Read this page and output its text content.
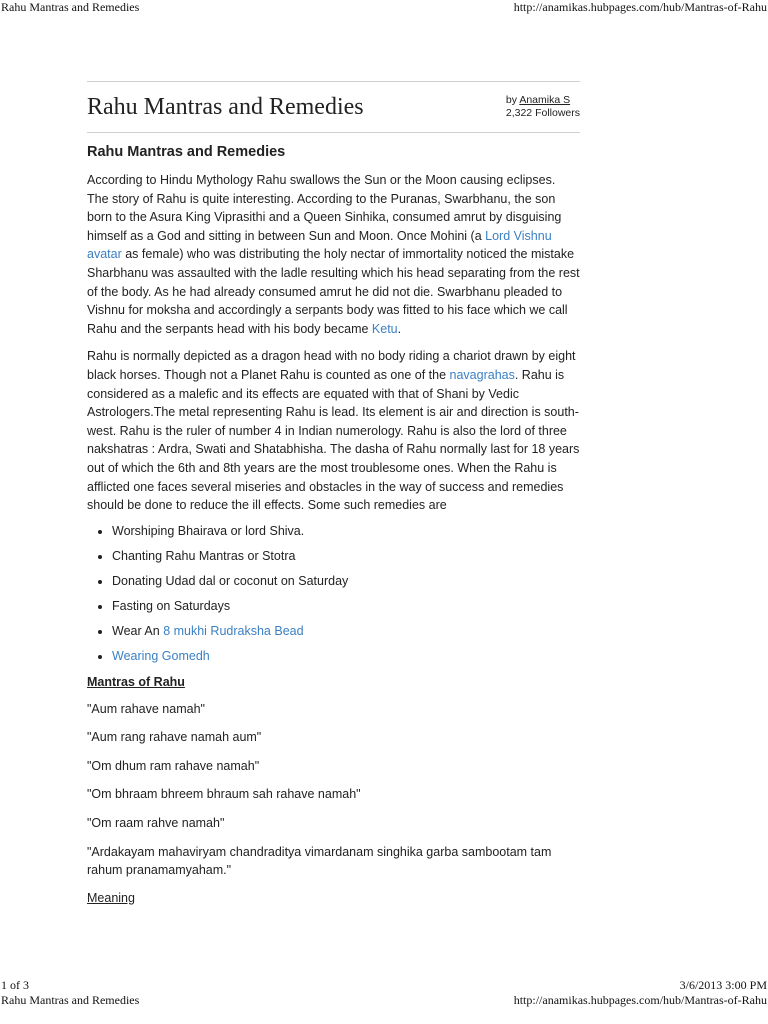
Rahu Mantras and Remedies	http://anamikas.hubpages.com/hub/Mantras-of-Rahu
Rahu Mantras and Remedies	by Anamika S
2,322 Followers
Rahu Mantras and Remedies

According to Hindu Mythology Rahu swallows the Sun or the Moon causing eclipses. The story of Rahu is quite interesting. According to the Puranas, Swarbhanu, the son born to the Asura King Viprasithi and a Queen Sinhika, consumed amrut by disguising himself as a God and sitting in between Sun and Moon. Once Mohini (a Lord Vishnu avatar as female) who was distributing the holy nectar of immortality noticed the mistake Sharbhanu was assaulted with the ladle resulting which his head separating from the rest of the body. As he had already consumed amrut he did not die. Swarbhanu pleaded to Vishnu for moksha and accordingly a serpants body was fitted to his face which we call Rahu and the serpants head with his body became Ketu.

Rahu is normally depicted as a dragon head with no body riding a chariot drawn by eight black horses. Though not a Planet Rahu is counted as one of the navagrahas. Rahu is considered as a malefic and its effects are equated with that of Shani by Vedic Astrologers.The metal representing Rahu is lead. Its element is air and direction is south-west. Rahu is the ruler of number 4 in Indian numerology. Rahu is also the lord of three nakshatras : Ardra, Swati and Shatabhisha. The dasha of Rahu normally last for 18 years out of which the 6th and 8th years are the most troublesome ones. When the Rahu is afflicted one faces several miseries and obstacles in the way of success and remedies should be done to reduce the ill effects. Some such remedies are

• Worshiping Bhairava or lord Shiva.
• Chanting Rahu Mantras or Stotra
• Donating Udad dal or coconut on Saturday
• Fasting on Saturdays
• Wear An 8 mukhi Rudraksha Bead
• Wearing Gomedh
Mantras of Rahu

"Aum rahave namah"

"Aum rang rahave namah aum"

"Om dhum ram rahave namah"

"Om bhraam bhreem bhraum sah rahave namah"

"Om raam rahve namah"

"Ardakayam mahaviryam chandraditya vimardanam singhika garba sambootam tam rahum pranamamyaham."

Meaning
1 of 3	3/6/2013 3:00 PM
Rahu Mantras and Remedies	http://anamikas.hubpages.com/hub/Mantras-of-Rahu
